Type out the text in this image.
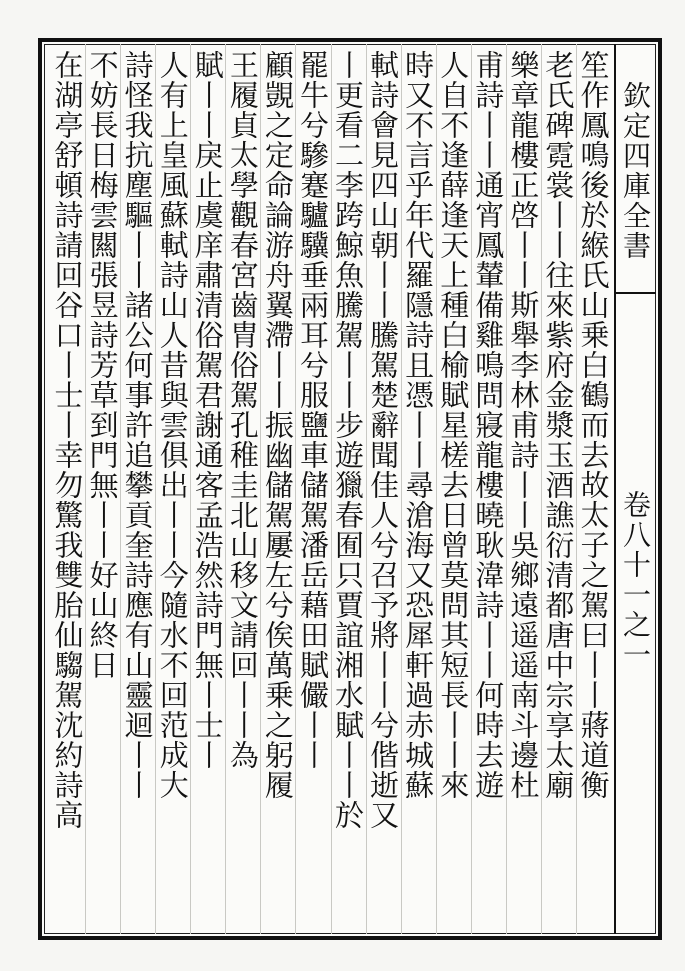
欽定四庫全書
卷八十一之一
笙作鳳鳴後於緱氏山乗白鶴而去故太子之駕曰丨丨蔣道衡
老氏碑霓裳丨丨往來紫府金漿玉酒譙衍清都唐中宗享太廟
樂章龍樓正啓丨丨斯舉李林甫詩丨丨吳鄉遠遥遥南斗邊杜
甫詩丨丨通宵鳳輦備雞鳴問寢龍樓曉耿湋詩丨丨何時去遊
人自不逢薛逢天上種白榆賦星槎去日曾莫問其短長丨丨來
時又不言乎年代羅隱詩且憑丨丨尋滄海又恐犀軒過赤城蘇
軾詩會見四山朝丨丨騰駕楚辭聞佳人兮召予將丨丨兮偕逝又
丨更看二李跨鯨魚騰駕丨丨步遊獵春囿只賈誼湘水賦丨丨於
罷牛兮驂蹇驢驥垂兩耳兮服鹽車儲駕潘岳藉田賦儼丨丨
顧覬之定命論游舟翼滯丨丨振幽儲駕屢左兮俟萬乗之躬履
王履貞太學觀春宮齒胄俗駕孔稚圭北山移文請回丨丨為
賦丨丨戾止虞庠肅清俗駕君謝通客孟浩然詩門無丨士丨
人有上皇風蘇軾詩山人昔與雲俱出丨丨今隨水不回范成大
詩怪我抗塵驅丨丨諸公何事許追攀貢奎詩應有山靈迴丨丨
不妨長日梅雲闗張昱詩芳草到門無丨丨好山終日
在湖亭舒頓詩請回谷口丨士丨幸勿驚我雙胎仙騶駕沈約詩高
